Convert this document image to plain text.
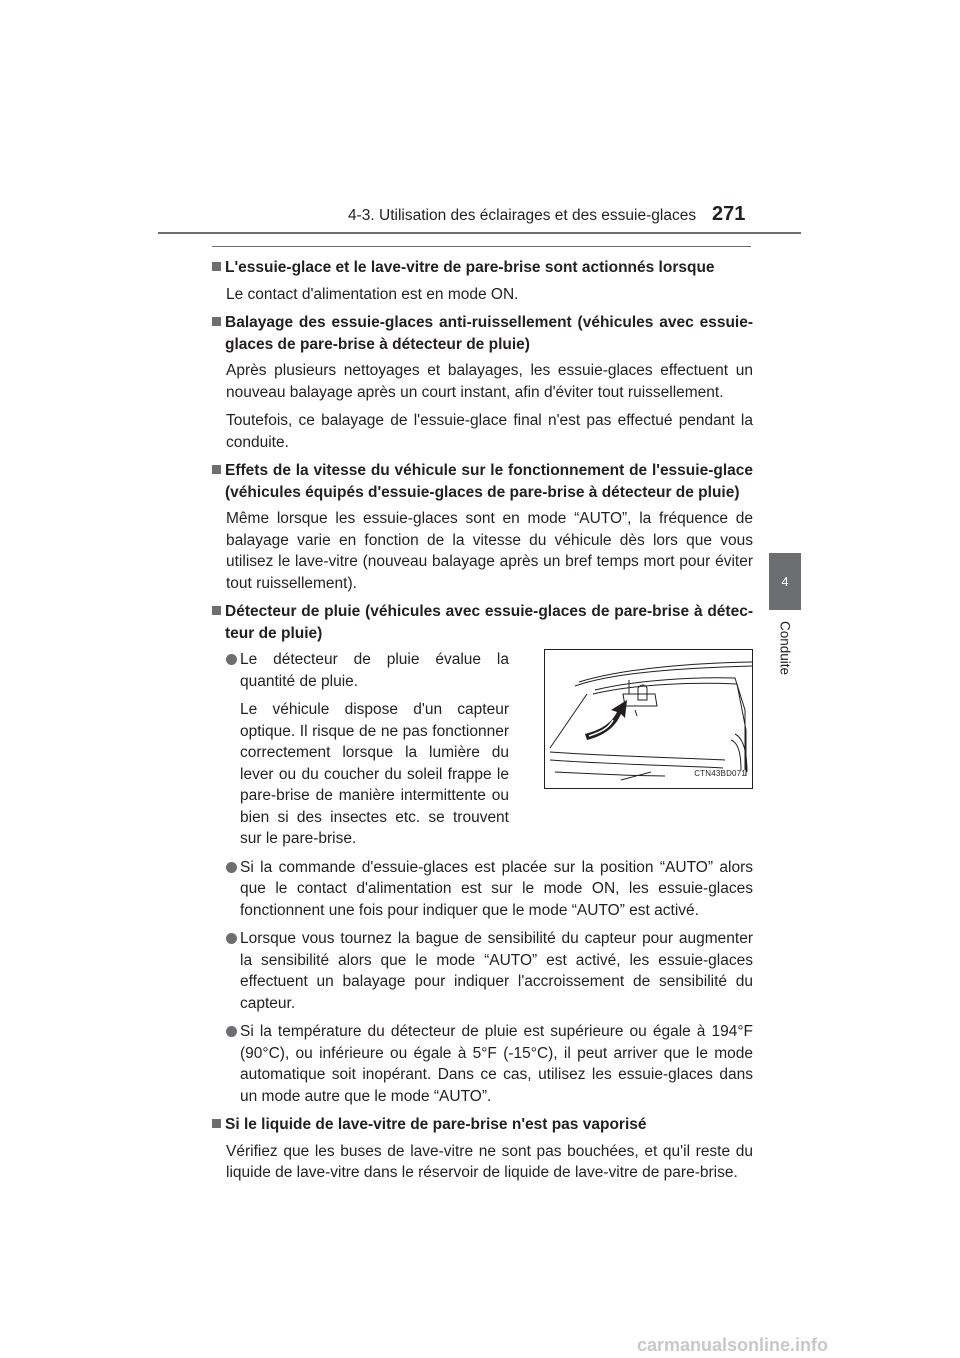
4-3. Utilisation des éclairages et des essuie-glaces 271
4
Conduite
L'essuie-glace et le lave-vitre de pare-brise sont actionnés lorsque
Le contact d'alimentation est en mode ON.
Balayage des essuie-glaces anti-ruissellement (véhicules avec essuie-glaces de pare-brise à détecteur de pluie)
Après plusieurs nettoyages et balayages, les essuie-glaces effectuent un nouveau balayage après un court instant, afin d'éviter tout ruissellement.
Toutefois, ce balayage de l'essuie-glace final n'est pas effectué pendant la conduite.
Effets de la vitesse du véhicule sur le fonctionnement de l'essuie-glace (véhicules équipés d'essuie-glaces de pare-brise à détecteur de pluie)
Même lorsque les essuie-glaces sont en mode “AUTO”, la fréquence de balayage varie en fonction de la vitesse du véhicule dès lors que vous utilisez le lave-vitre (nouveau balayage après un bref temps mort pour éviter tout ruissellement).
Détecteur de pluie (véhicules avec essuie-glaces de pare-brise à détec-teur de pluie)
Le détecteur de pluie évalue la quantité de pluie.
Le véhicule dispose d'un capteur optique. Il risque de ne pas fonctionner correctement lorsque la lumière du lever ou du coucher du soleil frappe le pare-brise de manière intermittente ou bien si des insectes etc. se trouvent sur le pare-brise.
CTN43BD071
Si la commande d'essuie-glaces est placée sur la position “AUTO” alors que le contact d'alimentation est sur le mode ON, les essuie-glaces fonctionnent une fois pour indiquer que le mode “AUTO” est activé.
Lorsque vous tournez la bague de sensibilité du capteur pour augmenter la sensibilité alors que le mode “AUTO” est activé, les essuie-glaces effectuent un balayage pour indiquer l'accroissement de sensibilité du capteur.
Si la température du détecteur de pluie est supérieure ou égale à 194°F (90°C), ou inférieure ou égale à 5°F (-15°C), il peut arriver que le mode automatique soit inopérant. Dans ce cas, utilisez les essuie-glaces dans un mode autre que le mode “AUTO”.
Si le liquide de lave-vitre de pare-brise n'est pas vaporisé
Vérifiez que les buses de lave-vitre ne sont pas bouchées, et qu'il reste du liquide de lave-vitre dans le réservoir de liquide de lave-vitre de pare-brise.
carmanualsonline.info
